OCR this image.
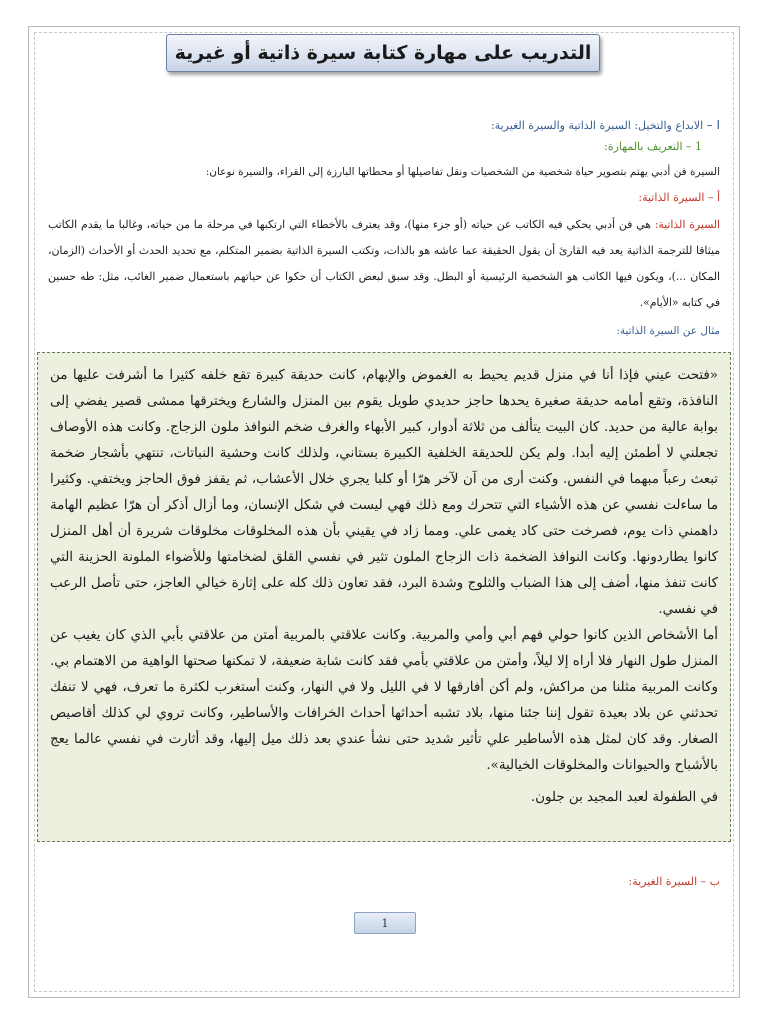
التدريب على مهارة كتابة سيرة ذاتية أو غيرية
I – الابداع والتخيل: السيرة الذاتية والسيرة الغيرية:
1 – التعريف بالمهارة:
السيرة فن أدبي يهتم بتصوير حياة شخصية من الشخصيات ونقل تفاصيلها أو محطاتها البارزة إلى القراء، والسيرة نوعان:
أ – السيرة الذاتية:
السيرة الذاتية: هي فن أدبي يحكي فيه الكاتب عن حياته (أو جزء منها)، وقد يعترف بالأخطاء التي ارتكبها في مرحلة ما من حياته، وغالبا ما يقدم الكاتب ميثاقا للترجمة الذاتية يعد فيه القارئ أن يقول الحقيقة عما عاشه هو بالذات، وتكتب السيرة الذاتية بضمير المتكلم، مع تحديد الحدث أو الأحداث (الزمان، المكان ...)، ويكون فيها الكاتب هو الشخصية الرئيسية أو البطل. وقد سبق لبعض الكتاب أن حكوا عن حياتهم باستعمال ضمير الغائب، مثل: طه حسين في كتابه «الأيام».
مثال عن السيرة الذاتية:

«فتحت عيني فإذا أنا في منزل قديم يحيط به الغموض والإبهام، كانت حديقة كبيرة تقع خلفه كثيرا ما أشرفت عليها من النافذة، وتقع أمامه حديقة صغيرة يحدها حاجز حديدي طويل يقوم بين المنزل والشارع ويخترقها ممشى قصير يفضي إلى بوابة عالية من حديد. كان البيت يتألف من ثلاثة أدوار، كبير الأبهاء والغرف ضخم النوافذ ملون الزجاج. وكانت هذه الأوصاف تجعلني لا أطمئن إليه أبدا. ولم يكن للحديقة الخلفية الكبيرة بستاني، ولذلك كانت وحشية النباتات، تنتهي بأشجار ضخمة تبعث رعباً مبهما في النفس. وكنت أرى من آن لآخر هرّا أو كلبا يجري خلال الأعشاب، ثم يقفز فوق الحاجز ويختفي. وكثيرا ما ساءلت نفسي عن هذه الأشياء التي تتحرك ومع ذلك فهي ليست في شكل الإنسان، وما أزال أذكر أن هرّا عظيم الهامة داهمني ذات يوم، فصرخت حتى كاد يغمى علي. ومما زاد في يقيني بأن هذه المخلوقات مخلوقات شريرة أن أهل المنزل كانوا يطاردونها. وكانت النوافذ الضخمة ذات الزجاج الملون تثير في نفسي القلق لضخامتها وللأضواء الملونة الحزينة التي كانت تنفذ منها، أضف إلى هذا الضباب والثلوج وشدة البرد، فقد تعاون ذلك كله على إثارة خيالي العاجز، حتى تأصل الرعب في نفسي.

أما الأشخاص الذين كانوا حولي فهم أبي وأمي والمربية. وكانت علاقتي بالمربية أمتن من علاقتي بأبي الذي كان يغيب عن المنزل طول النهار فلا أراه إلا ليلاً، وأمتن من علاقتي بأمي فقد كانت شابة ضعيفة، لا تمكنها صحتها الواهية من الاهتمام بي. وكانت المربية مثلنا من مراكش، ولم أكن أفارقها لا في الليل ولا في النهار، وكنت أستغرب لكثرة ما تعرف، فهي لا تنفك تحدثني عن بلاد بعيدة تقول إننا جئنا منها، بلاد تشبه أحداثها أحداث الخرافات والأساطير، وكانت تروي لي كذلك أقاصيص الصغار. وقد كان لمثل هذه الأساطير علي تأثير شديد حتى نشأ عندي بعد ذلك ميل إليها، وقد أثارت في نفسي عالما يعج بالأشباح والحيوانات والمخلوقات الخيالية».

في الطفولة لعبد المجيد بن جلون.

ب – السيرة الغيرية:
1
